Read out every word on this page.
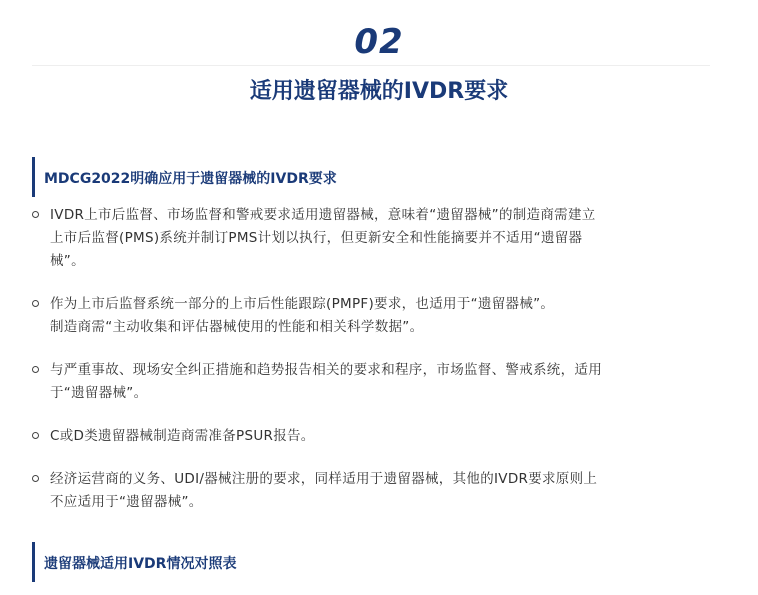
02
适用遗留器械的IVDR要求
MDCG2022明确应用于遗留器械的IVDR要求
IVDR上市后监督、市场监督和警戒要求适用遗留器械，意味着“遗留器械”的制造商需建立
上市后监督(PMS)系统并制订PMS计划以执行，但更新安全和性能摘要并不适用“遗留器
械”。
作为上市后监督系统一部分的上市后性能跟踪(PMPF)要求，也适用于“遗留器械”。
制造商需“主动收集和评估器械使用的性能和相关科学数据”。
与严重事故、现场安全纠正措施和趋势报告相关的要求和程序，市场监督、警戒系统，适用
于“遗留器械”。
C或D类遗留器械制造商需准备PSUR报告。
经济运营商的义务、UDI/器械注册的要求，同样适用于遗留器械，其他的IVDR要求原则上
不应适用于“遗留器械”。
遗留器械适用IVDR情况对照表
